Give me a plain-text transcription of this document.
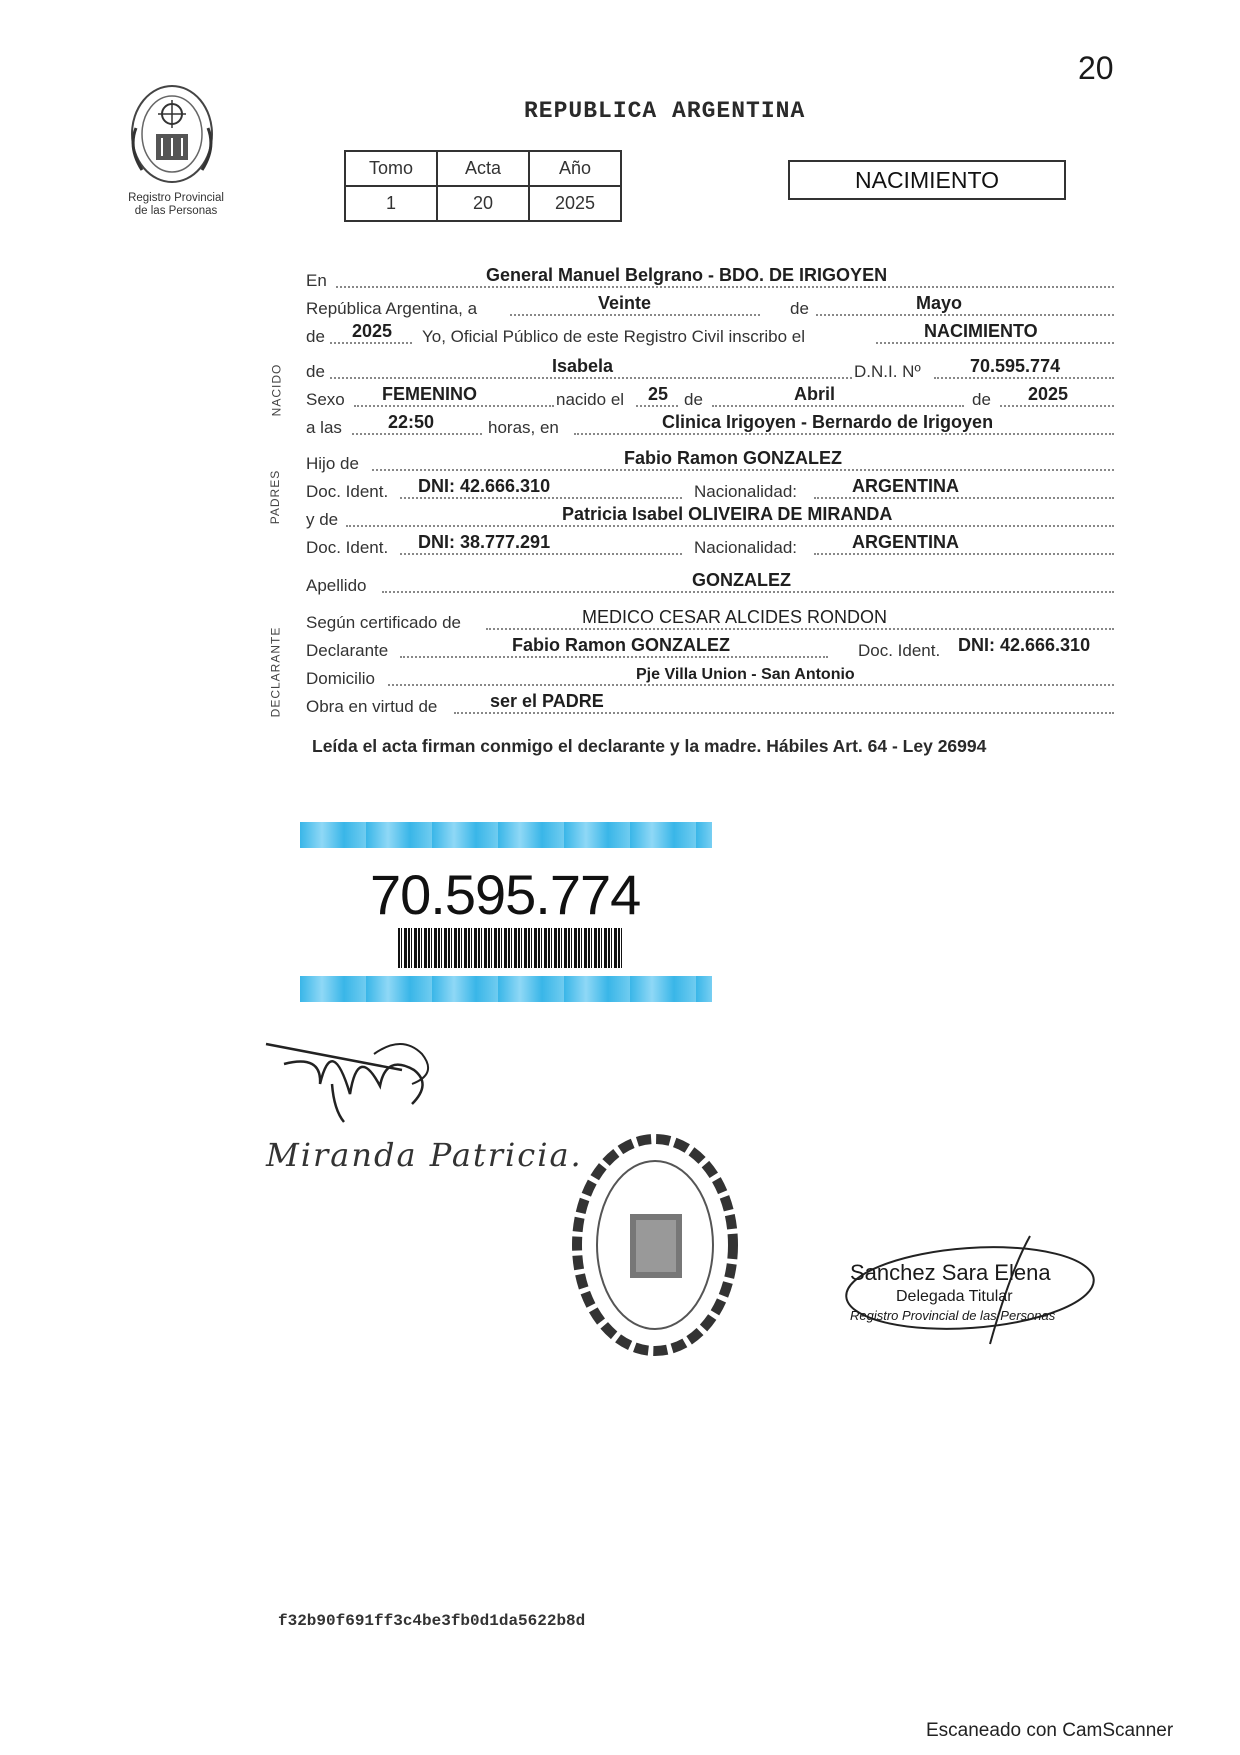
20
Registro Provincial
de las Personas
REPUBLICA ARGENTINA
Tomo	Acta	Año
1	20	2025
NACIMIENTO
NACIDO
PADRES
DECLARANTE
En	General Manuel Belgrano - BDO. DE IRIGOYEN
República Argentina, a	Veinte	de	Mayo
de 2025 Yo, Oficial Público de este Registro Civil inscribo el	NACIMIENTO
de	Isabela	D.N.I. Nº	70.595.774
Sexo FEMENINO	nacido el 25 de	Abril	de 2025
a las	22:50	horas, en	Clinica Irigoyen - Bernardo de Irigoyen
Hijo de	Fabio Ramon GONZALEZ
Doc. Ident. DNI: 42.666.310	Nacionalidad:	ARGENTINA
y de	Patricia Isabel OLIVEIRA DE MIRANDA
Doc. Ident. DNI: 38.777.291	Nacionalidad:	ARGENTINA
Apellido	GONZALEZ
Según certificado de	MEDICO CESAR ALCIDES RONDON
Declarante	Fabio Ramon GONZALEZ	Doc. Ident. DNI: 42.666.310
Domicilio	Pje Villa Union - San Antonio
Obra en virtud de	ser el PADRE
Leída el acta firman conmigo el declarante y la madre. Hábiles Art. 64 - Ley 26994
70.595.774
Miranda Patricia.
Sanchez Sara Elena
Delegada Titular
Registro Provincial de las Personas
f32b90f691ff3c4be3fb0d1da5622b8d
Escaneado con CamScanner
